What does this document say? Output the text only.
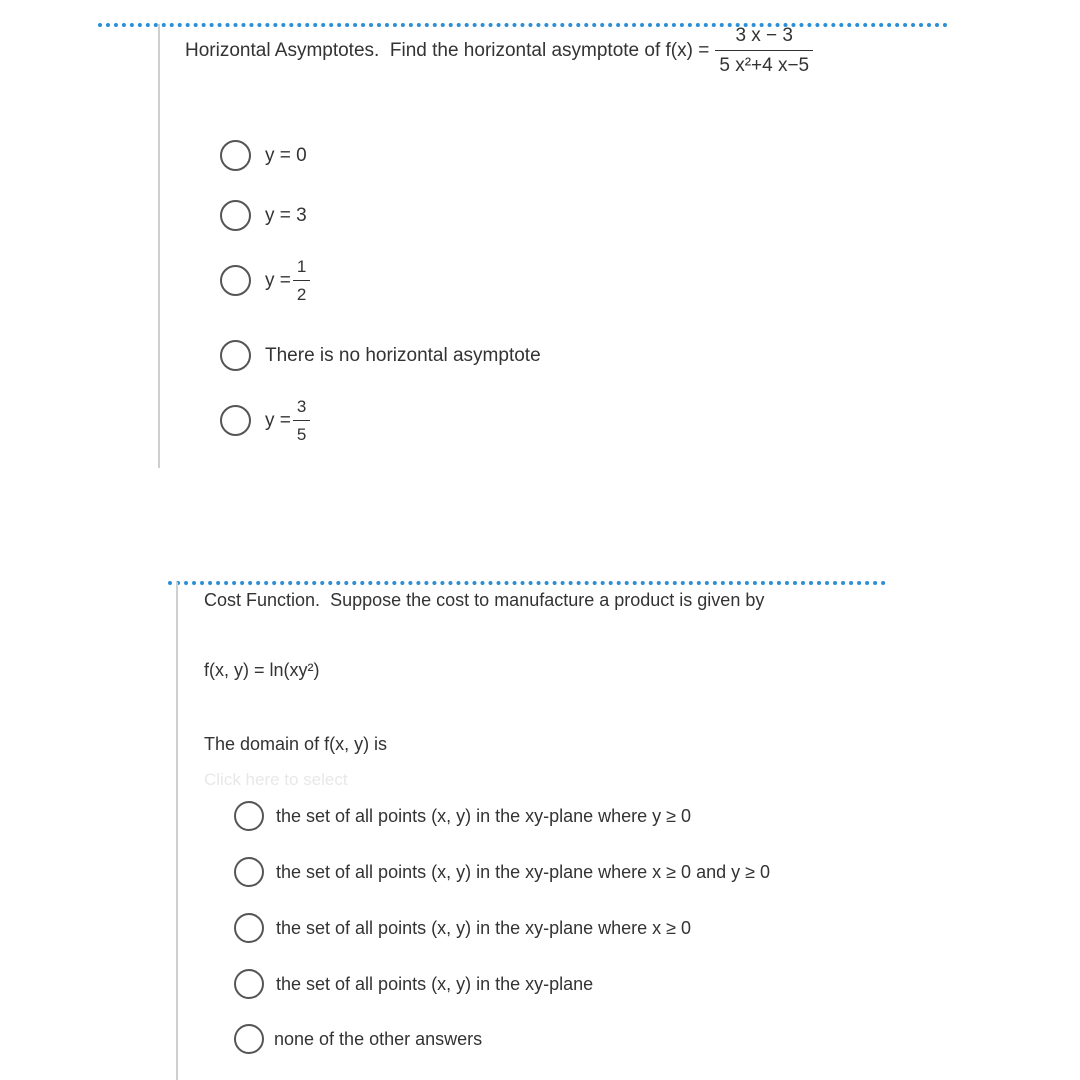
Horizontal Asymptotes.
Find the horizontal asymptote of
$f(x) = \frac{3 x - 3}{\text{5 x²+4 x−5}}$
y = 0
y = 3
$y = \frac{1}{2}$
There is no horizontal asymptote
$y = \frac{3}{5}$
Cost Function. Suppose the cost to manufacture a product is given by
f(x, y) = ln(xy²)
The domain of f(x, y) is
Click here to select
the set of all points (x, y) in the xy-plane where y ≥ 0
the set of all points (x, y) in the xy-plane where x ≥ 0 and y ≥ 0
the set of all points (x, y) in the xy-plane where x ≥ 0
the set of all points (x, y) in the xy-plane
none of the other answers
